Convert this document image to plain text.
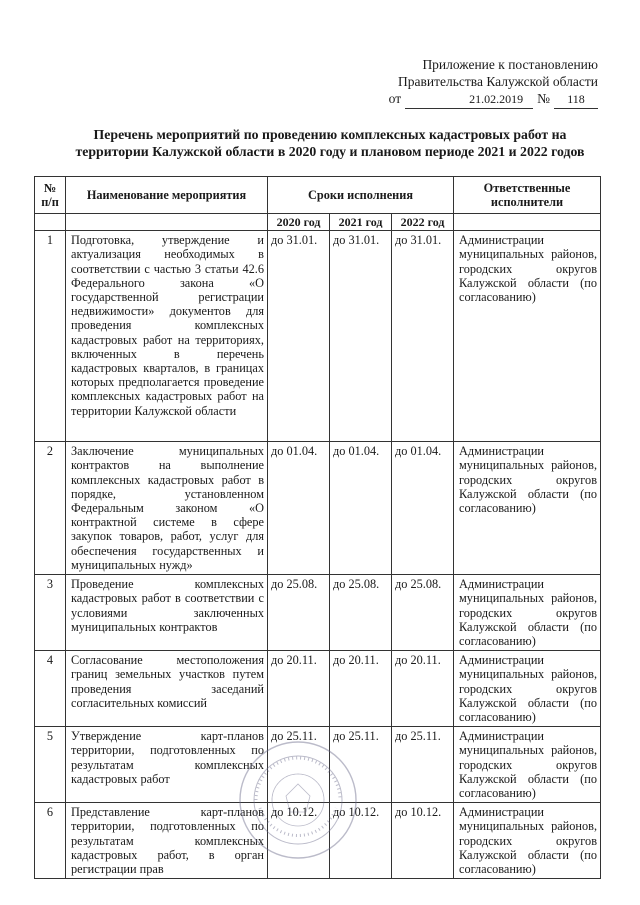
Приложение к постановлению
Правительства Калужской области
от	21.02.2019	№	118
Перечень мероприятий по проведению комплексных кадастровых работ на
территории Калужской области в 2020 году и плановом периоде 2021 и 2022 годов
№ п/п	Наименование мероприятия	Сроки исполнения			Ответственные исполнители
		2020 год	2021 год	2022 год	
1	Подготовка, утверждение и актуализация необходимых в соответствии с частью 3 статьи 42.6 Федерального закона «О государственной регистрации недвижимости» документов для проведения комплексных кадастровых работ на территориях, включенных в перечень кадастровых кварталов, в границах которых предполагается проведение комплексных кадастровых работ на территории Калужской области	до 31.01.	до 31.01.	до 31.01.	Администрации муниципальных районов, городских округов Калужской области (по согласованию)
2	Заключение муниципальных контрактов на выполнение комплексных кадастровых работ в порядке, установленном Федеральным законом «О контрактной системе в сфере закупок товаров, работ, услуг для обеспечения государственных и муниципальных нужд»	до 01.04.	до 01.04.	до 01.04.	Администрации муниципальных районов, городских округов Калужской области (по согласованию)
3	Проведение комплексных кадастровых работ в соответствии с условиями заключенных муниципальных контрактов	до 25.08.	до 25.08.	до 25.08.	Администрации муниципальных районов, городских округов Калужской области (по согласованию)
4	Согласование местоположения границ земельных участков путем проведения заседаний согласительных комиссий	до 20.11.	до 20.11.	до 20.11.	Администрации муниципальных районов, городских округов Калужской области (по согласованию)
5	Утверждение карт-планов территории, подготовленных по результатам комплексных кадастровых работ	до 25.11.	до 25.11.	до 25.11.	Администрации муниципальных районов, городских округов Калужской области (по согласованию)
6	Представление карт-планов территории, подготовленных по результатам комплексных кадастровых работ, в орган регистрации прав	до 10.12.	до 10.12.	до 10.12.	Администрации муниципальных районов, городских округов Калужской области (по согласованию)
